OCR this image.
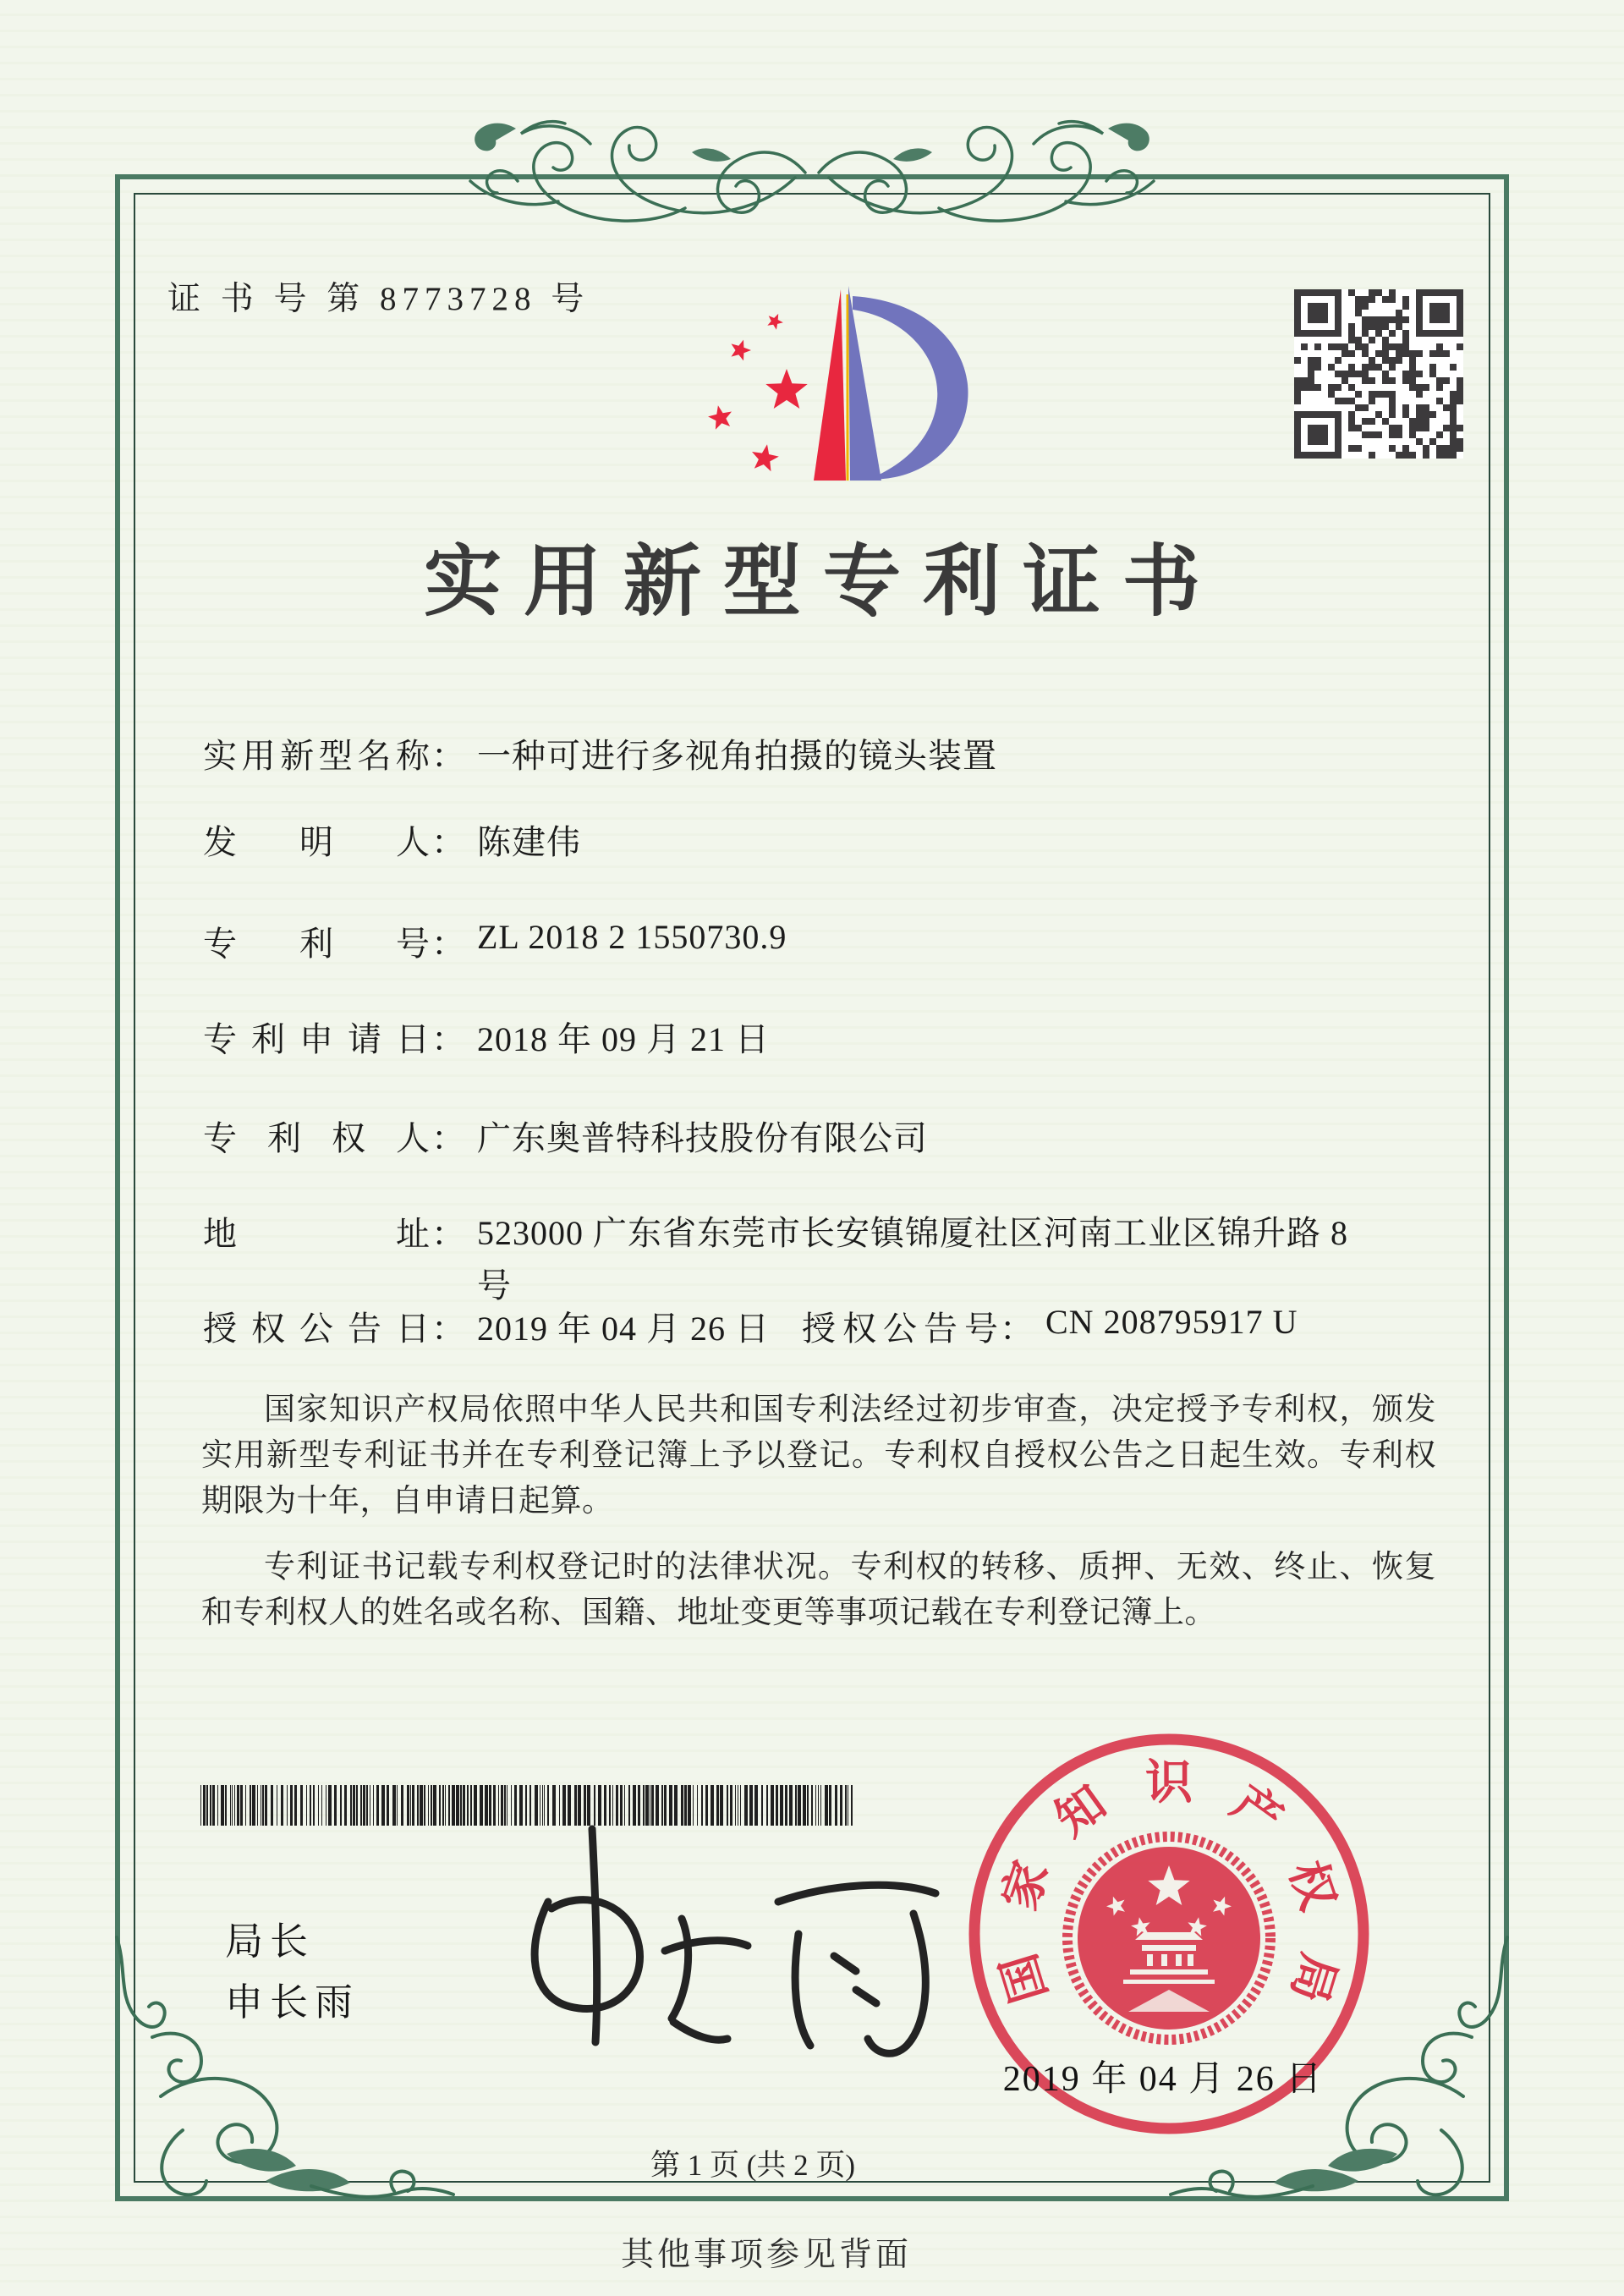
证 书 号 第 8773728 号
实用新型专利证书
实用新型名称： 一种可进行多视角拍摄的镜头装置
发明人： 陈建伟
专利号： ZL 2018 2 1550730.9
专利申请日： 2018 年 09 月 21 日
专利权人： 广东奥普特科技股份有限公司
地址： 523000 广东省东莞市长安镇锦厦社区河南工业区锦升路 8
号
授权公告日： 2019 年 04 月 26 日 授权公告号： CN 208795917 U

国家知识产权局依照中华人民共和国专利法经过初步审查，决定授予专利权，颁发实用新型专利证书并在专利登记簿上予以登记。专利权自授权公告之日起生效。专利权期限为十年，自申请日起算。

专利证书记载专利权登记时的法律状况。专利权的转移、质押、无效、终止、恢复和专利权人的姓名或名称、国籍、地址变更等事项记载在专利登记簿上。

局长
申长雨	国
家
知 识 产
权
局
2019 年 04 月 26 日
第 1 页 (共 2 页)
其他事项参见背面
